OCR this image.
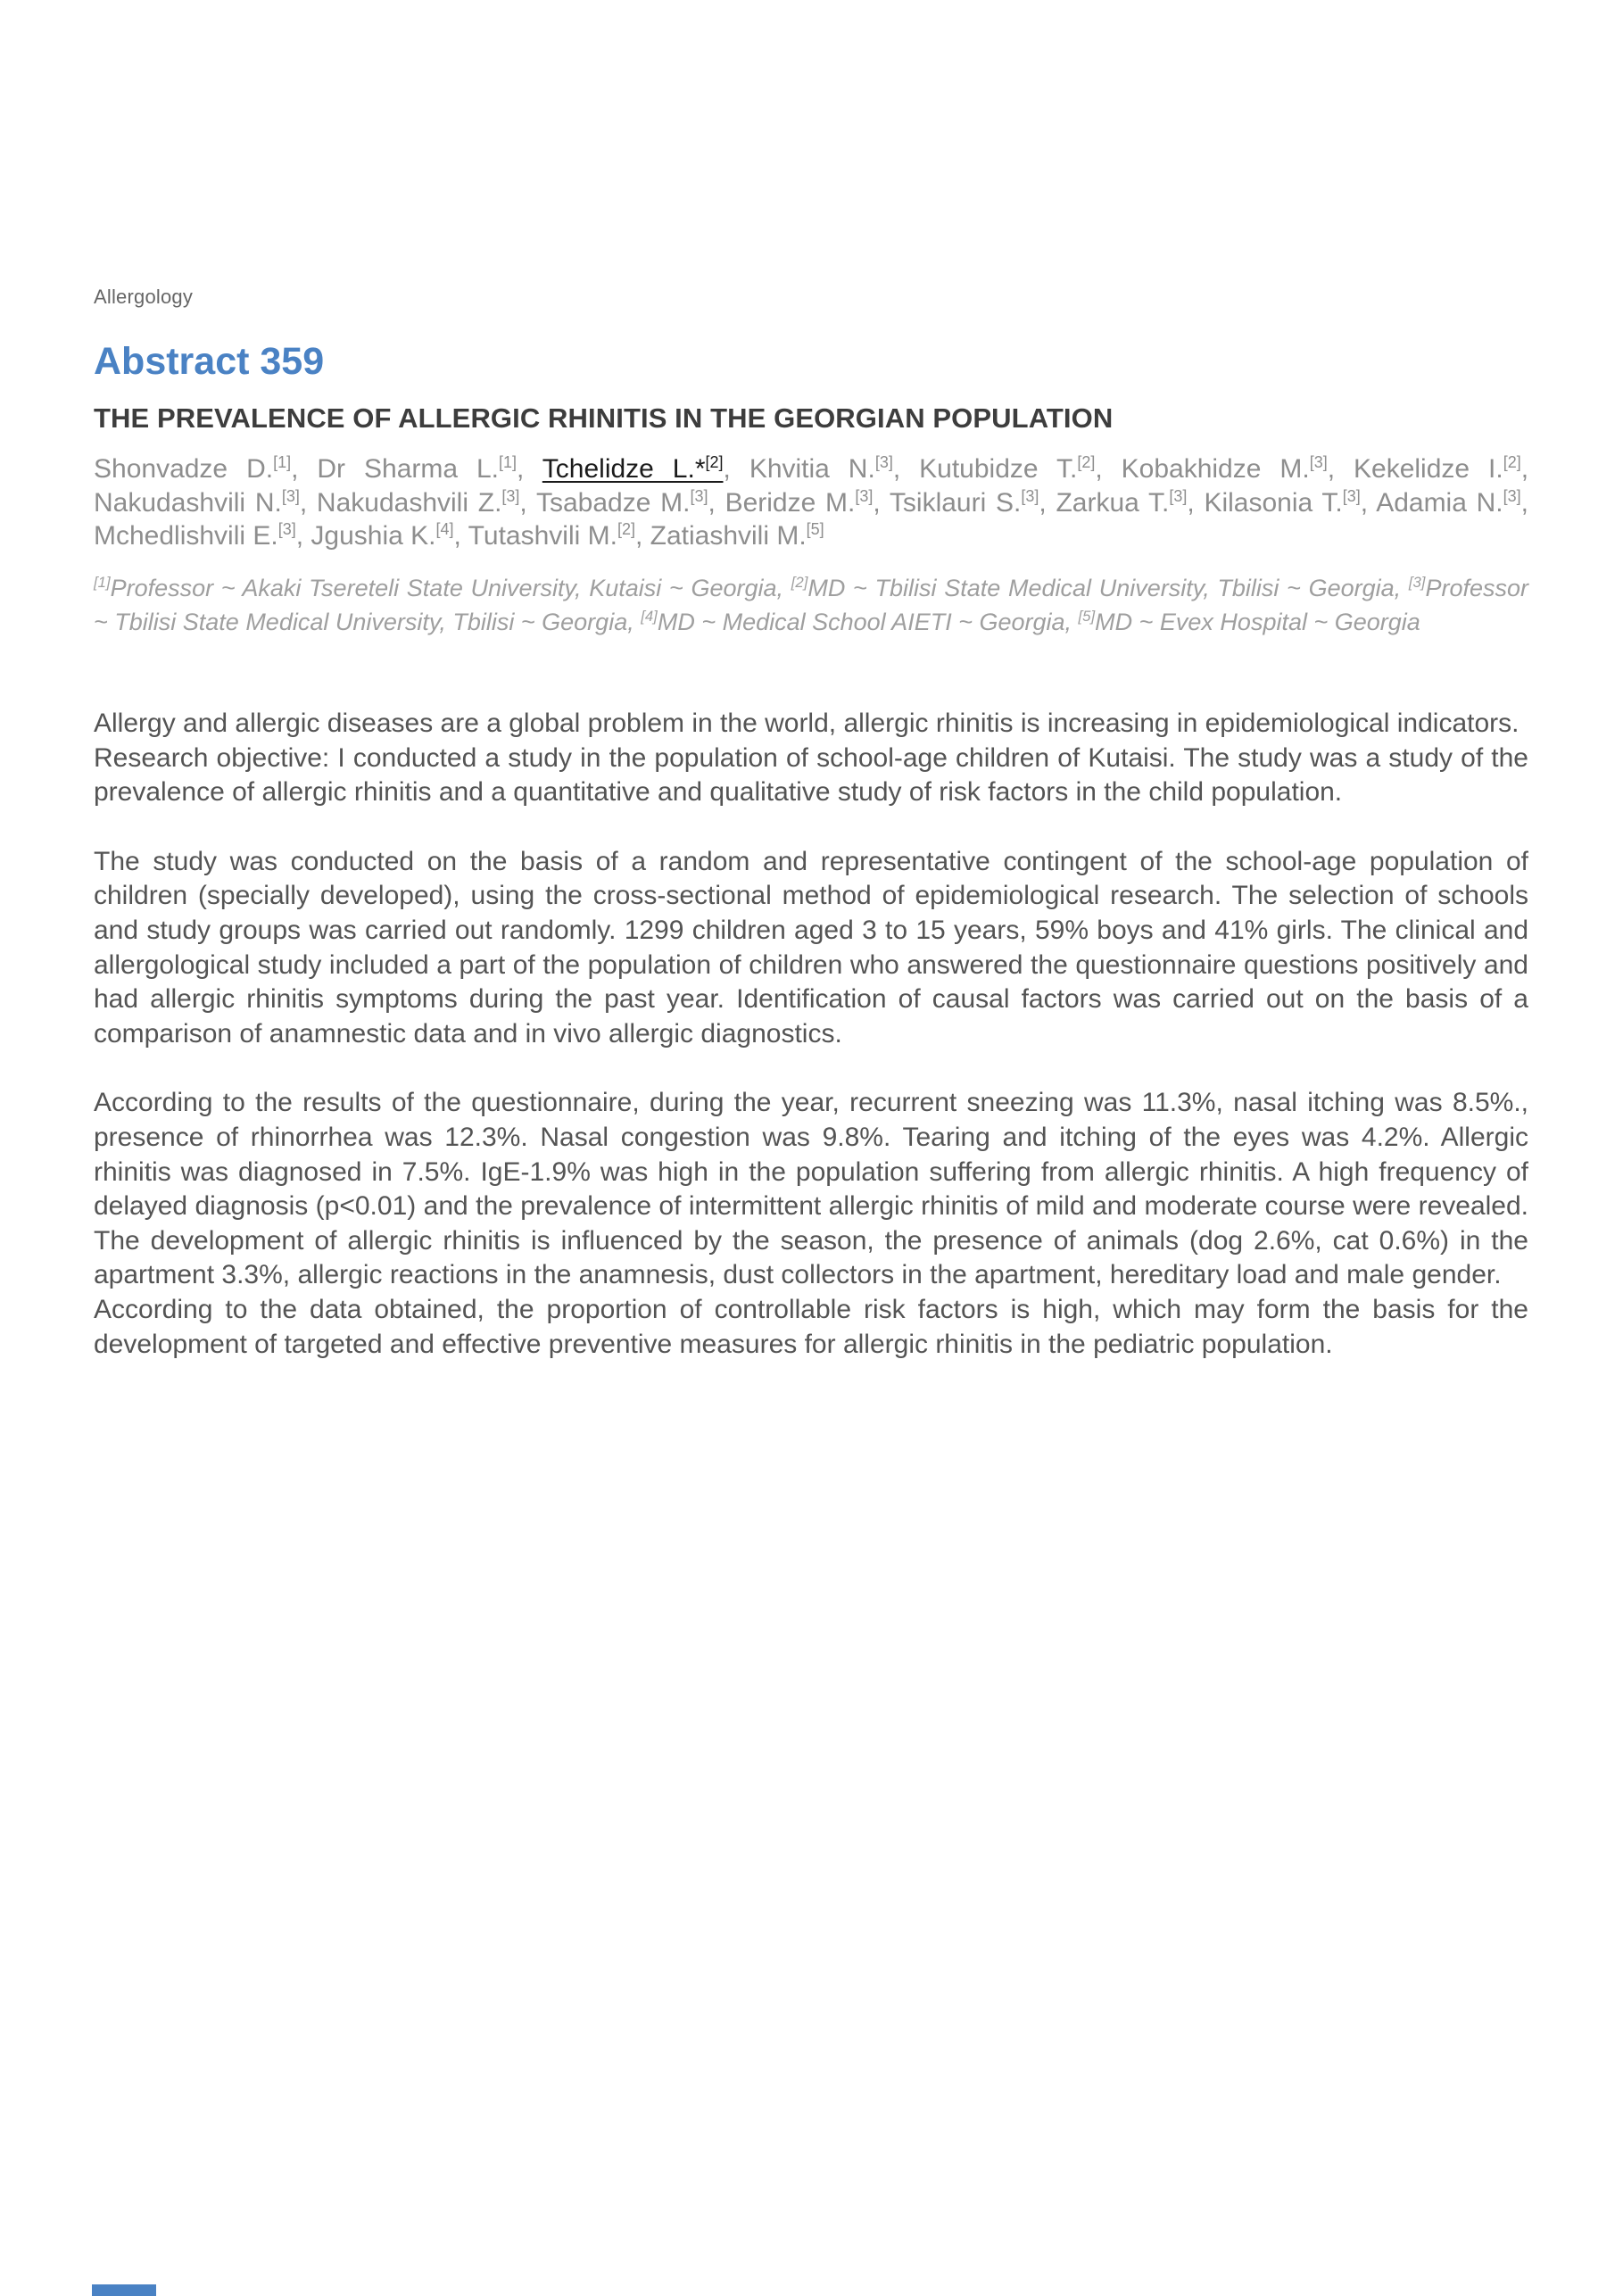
Allergology
Abstract 359
THE PREVALENCE OF ALLERGIC RHINITIS IN THE GEORGIAN POPULATION

Shonvadze D.[1], Dr Sharma L.[1], Tchelidze L.*[2], Khvitia N.[3], Kutubidze T.[2], Kobakhidze M.[3], Kekelidze I.[2], Nakudashvili N.[3], Nakudashvili Z.[3], Tsabadze M.[3], Beridze M.[3], Tsiklauri S.[3], Zarkua T.[3], Kilasonia T.[3], Adamia N.[3], Mchedlishvili E.[3], Jgushia K.[4], Tutashvili M.[2], Zatiashvili M.[5]

[1]Professor ~ Akaki Tsereteli State University, Kutaisi ~ Georgia, [2]MD ~ Tbilisi State Medical University, Tbilisi ~ Georgia, [3]Professor ~ Tbilisi State Medical University, Tbilisi ~ Georgia, [4]MD ~ Medical School AIETI ~ Georgia, [5]MD ~ Evex Hospital ~ Georgia

Allergy and allergic diseases are a global problem in the world, allergic rhinitis is increasing in epidemiological indicators.

Research objective: I conducted a study in the population of school-age children of Kutaisi. The study was a study of the prevalence of allergic rhinitis and a quantitative and qualitative study of risk factors in the child population.

The study was conducted on the basis of a random and representative contingent of the school-age population of children (specially developed), using the cross-sectional method of epidemiological research. The selection of schools and study groups was carried out randomly. 1299 children aged 3 to 15 years, 59% boys and 41% girls. The clinical and allergological study included a part of the population of children who answered the questionnaire questions positively and had allergic rhinitis symptoms during the past year. Identification of causal factors was carried out on the basis of a comparison of anamnestic data and in vivo allergic diagnostics.

According to the results of the questionnaire, during the year, recurrent sneezing was 11.3%, nasal itching was 8.5%., presence of rhinorrhea was 12.3%. Nasal congestion was 9.8%. Tearing and itching of the eyes was 4.2%. Allergic rhinitis was diagnosed in 7.5%. IgE-1.9% was high in the population suffering from allergic rhinitis. A high frequency of delayed diagnosis (p<0.01) and the prevalence of intermittent allergic rhinitis of mild and moderate course were revealed. The development of allergic rhinitis is influenced by the season, the presence of animals (dog 2.6%, cat 0.6%) in the apartment 3.3%, allergic reactions in the anamnesis, dust collectors in the apartment, hereditary load and male gender.

According to the data obtained, the proportion of controllable risk factors is high, which may form the basis for the development of targeted and effective preventive measures for allergic rhinitis in the pediatric population.
